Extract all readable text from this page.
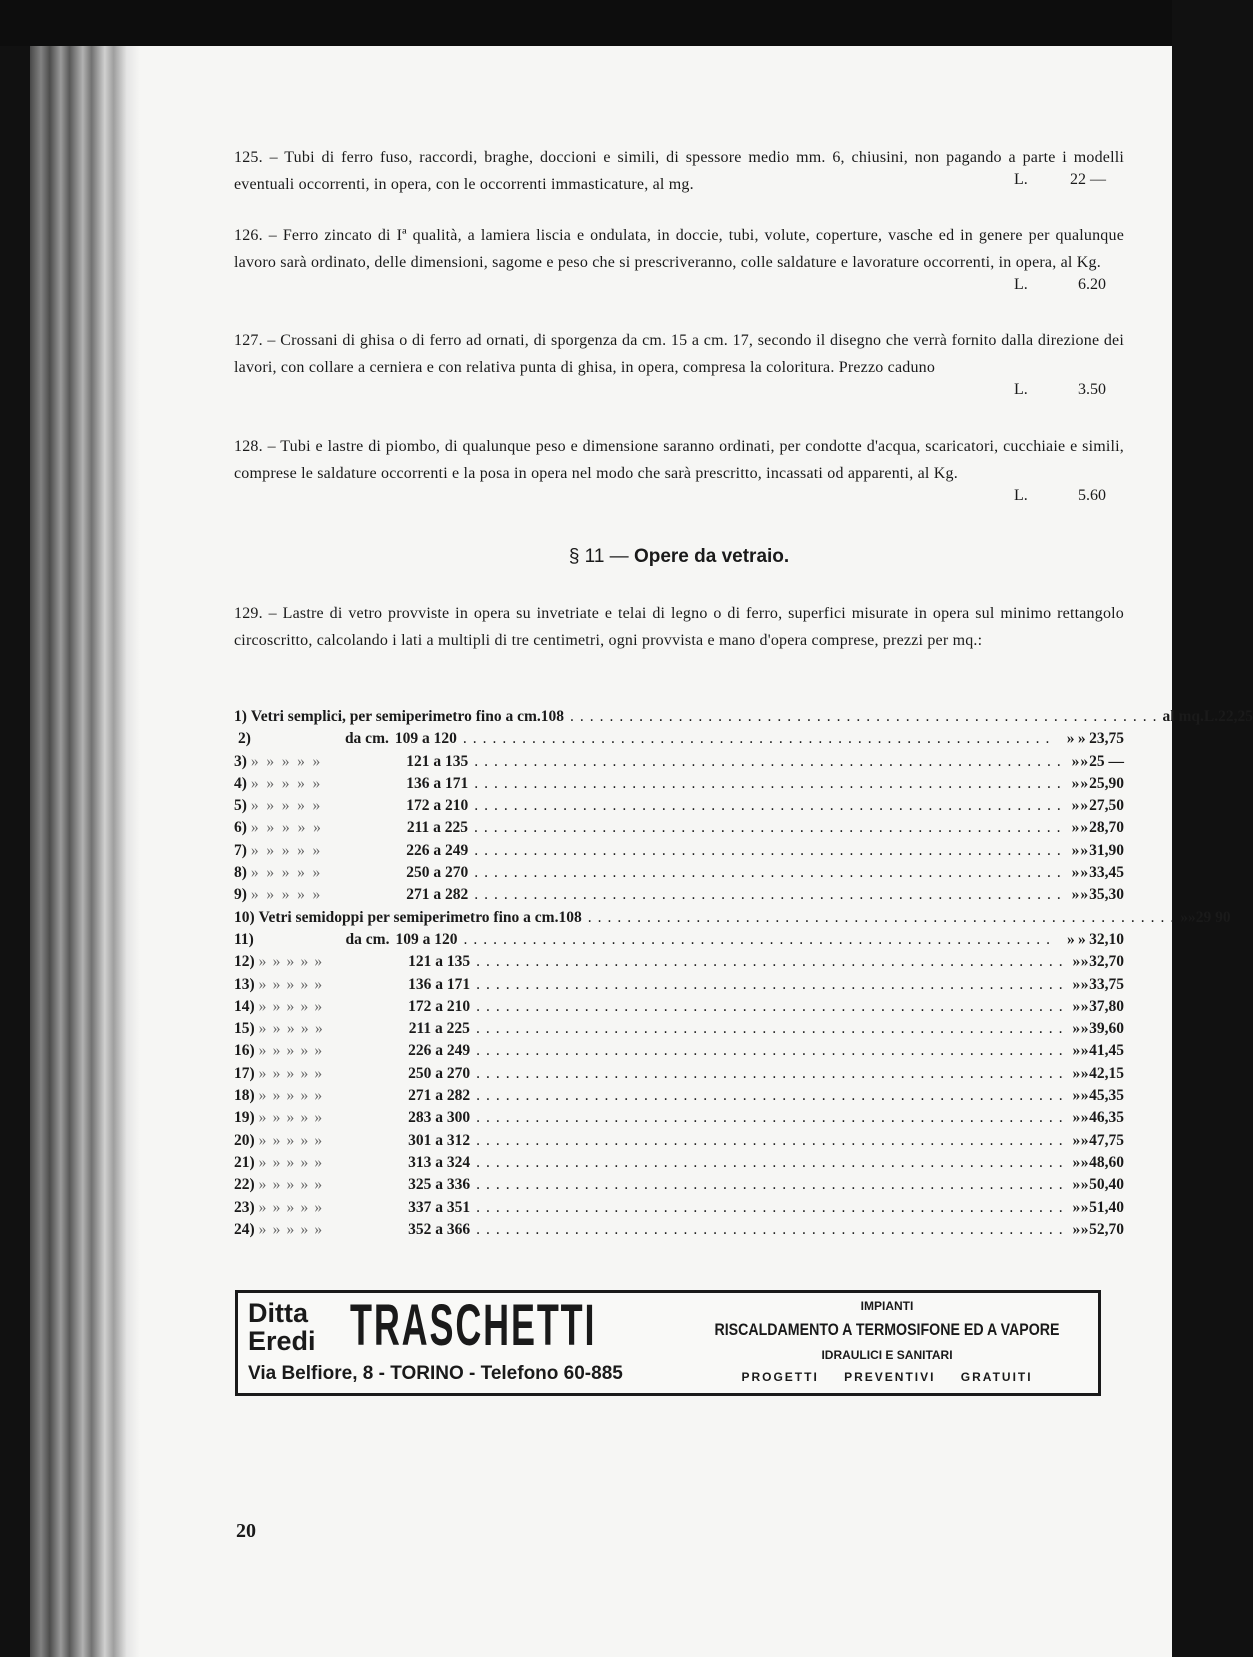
125. – Tubi di ferro fuso, raccordi, braghe, doccioni e simili, di spessore medio mm. 6, chiusini, non pagando a parte i modelli eventuali occorrenti, in opera, con le occorrenti immasticature, al mg.	L.	22 —

126. – Ferro zincato di Iª qualità, a lamiera liscia e ondulata, in doccie, tubi, volute, coperture, vasche ed in genere per qualunque lavoro sarà ordinato, delle dimensioni, sagome e peso che si prescriveranno, colle saldature e lavorature occorrenti, in opera, al Kg.

L.	6.20

127. – Crossani di ghisa o di ferro ad ornati, di sporgenza da cm. 15 a cm. 17, secondo il disegno che verrà fornito dalla direzione dei lavori, con collare a cerniera e con relativa punta di ghisa, in opera, compresa la coloritura. Prezzo caduno

L.	3.50

128. – Tubi e lastre di piombo, di qualunque peso e dimensione saranno ordinati, per condotte d'acqua, scaricatori, cucchiaie e simili, comprese le saldature occorrenti e la posa in opera nel modo che sarà prescritto, incassati od apparenti, al Kg.

L.	5.60
§ 11 — Opere da vetraio.

129. – Lastre di vetro provviste in opera su invetriate e telai di legno o di ferro, superfici misurate in opera sul minimo rettangolo circoscritto, calcolando i lati a multipli di tre centimetri, ogni provvista e mano d'opera comprese, prezzi per mq.:

1) Vetri semplici, per semiperimetro fino a cm. 108 ............................................................ al mq. L. 22,25
2)	da cm. 109 a 120 ............................................................ » » 23,75
3) » » » » »	121 a 135 ............................................................ » » 25 —
4) » » » » »	136 a 171 ............................................................ » » 25,90
5) » » » » »	172 a 210 ............................................................ » » 27,50
6) » » » » »	211 a 225 ............................................................ » » 28,70
7) » » » » »	226 a 249 ............................................................ » » 31,90
8) » » » » »	250 a 270 ............................................................ » » 33,45
9) » » » » »	271 a 282 ............................................................ » » 35,30
10) Vetri semidoppi per semiperimetro fino a cm. 108 ............................................................ » » 29 90
11)	da cm. 109 a 120 ............................................................ » » 32,10
12) » » » » »	121 a 135 ............................................................ » » 32,70
13) » » » » »	136 a 171 ............................................................ » » 33,75
14) » » » » »	172 a 210 ............................................................ » » 37,80
15) » » » » »	211 a 225 ............................................................ » » 39,60
16) » » » » »	226 a 249 ............................................................ » » 41,45
17) » » » » »	250 a 270 ............................................................ » » 42,15
18) » » » » »	271 a 282 ............................................................ » » 45,35
19) » » » » »	283 a 300 ............................................................ » » 46,35
20) » » » » »	301 a 312 ............................................................ » » 47,75
21) » » » » »	313 a 324 ............................................................ » » 48,60
22) » » » » »	325 a 336 ............................................................ » » 50,40
23) » » » » »	337 a 351 ............................................................ » » 51,40
24) » » » » »	352 a 366 ............................................................ » » 52,70
Ditta
Eredi TRASCHETTI
Via Belfiore, 8 - TORINO - Telefono 60-885
IMPIANTI
RISCALDAMENTO A TERMOSIFONE ED A VAPORE
IDRAULICI E SANITARI
PROGETTI PREVENTIVI GRATUITI
20
